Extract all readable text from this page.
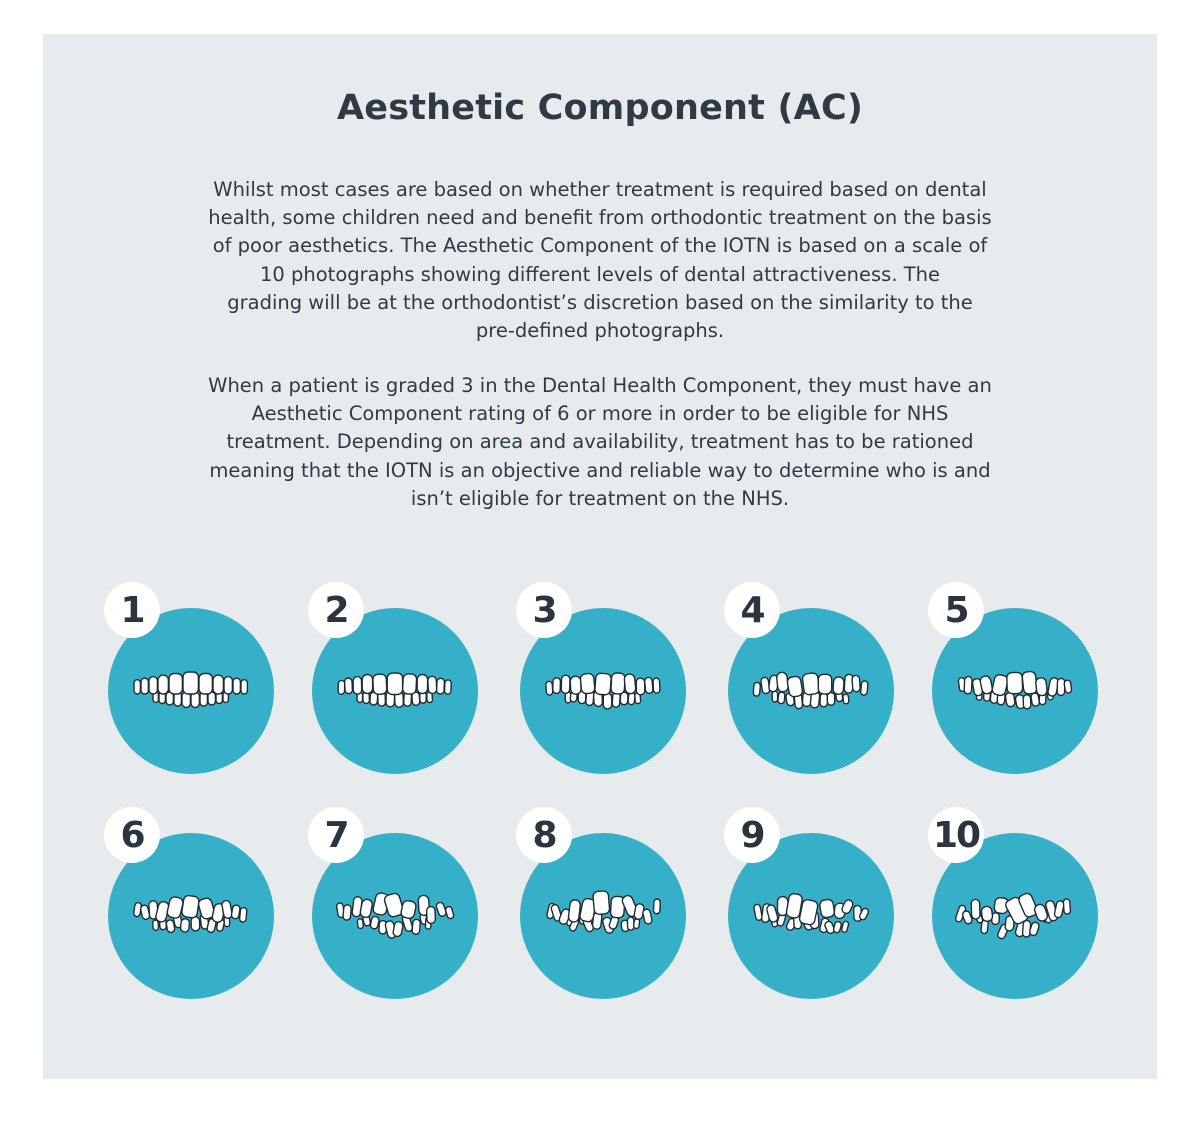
Aesthetic Component (AC)
Whilst most cases are based on whether treatment is required based on dental
health, some children need and benefit from orthodontic treatment on the basis
of poor aesthetics. The Aesthetic Component of the IOTN is based on a scale of
10 photographs showing different levels of dental attractiveness. The
grading will be at the orthodontist’s discretion based on the similarity to the
pre-defined photographs.
When a patient is graded 3 in the Dental Health Component, they must have an
Aesthetic Component rating of 6 or more in order to be eligible for NHS
treatment. Depending on area and availability, treatment has to be rationed
meaning that the IOTN is an objective and reliable way to determine who is and
isn’t eligible for treatment on the NHS.
1	2	3	4	5
6	7	8	9	10
